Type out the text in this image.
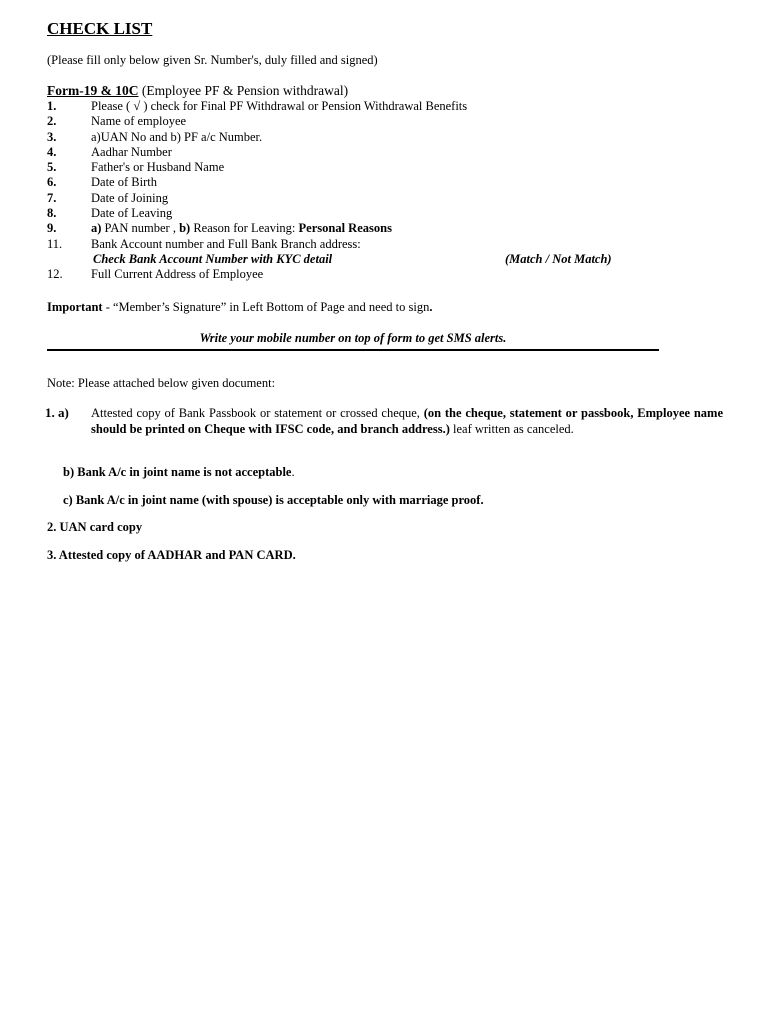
CHECK LIST
(Please fill only below given Sr. Number's, duly filled and signed)
Form-19 & 10C (Employee PF & Pension withdrawal)
1.	Please ( √ ) check for Final PF Withdrawal or Pension Withdrawal Benefits
2.	Name of employee
3.	a)UAN No and b) PF a/c Number.
4.	Aadhar Number
5.	Father's or Husband Name
6.	Date of Birth
7.	Date of Joining
8.	Date of Leaving
9.	a) PAN number , b) Reason for Leaving: Personal Reasons
11.	Bank Account number and Full Bank Branch address:
Check Bank Account Number with KYC detail	(Match / Not Match)
12.	Full Current Address of Employee
Important - “Member’s Signature” in Left Bottom of Page and need to sign.
Write your mobile number on top of form to get SMS alerts.
Note: Please attached below given document:
1. a) Attested copy of Bank Passbook or statement or crossed cheque, (on the cheque, statement or passbook, Employee name should be printed on Cheque with IFSC code, and branch address.) leaf written as canceled.
b) Bank A/c in joint name is not acceptable.
c) Bank A/c in joint name (with spouse) is acceptable only with marriage proof.
2. UAN card copy
3. Attested copy of AADHAR and PAN CARD.
